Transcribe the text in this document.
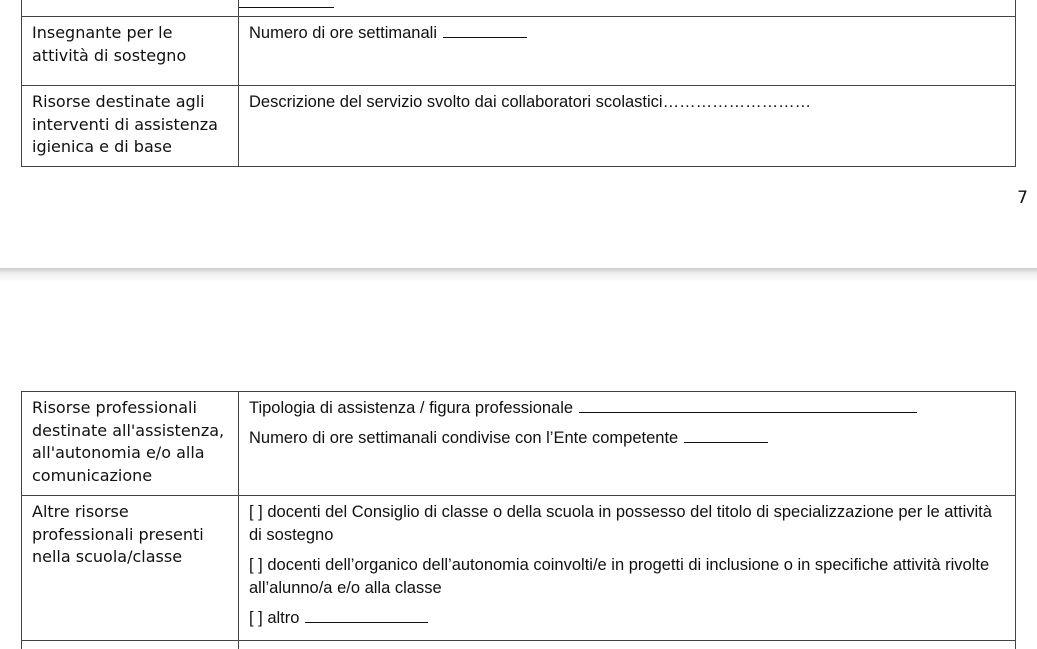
Insegnante per le attività di sostegno	Numero di ore settimanali
Risorse destinate agli interventi di assistenza igienica e di base	Descrizione del servizio svolto dai collaboratori scolastici………………………
7
Risorse professionali destinate all'assistenza, all'autonomia e/o alla comunicazione	Tipologia di assistenza / figura professionale

Numero di ore settimanali condivise con l’Ente competente

Altre risorse professionali presenti nella scuola/classe	[ ] docenti del Consiglio di classe o della scuola in possesso del titolo di specializzazione per le attività di sostegno

[ ] docenti dell’organico dell’autonomia coinvolti/e in progetti di inclusione o in specifiche attività rivolte all’alunno/a e/o alla classe

[ ] altro
